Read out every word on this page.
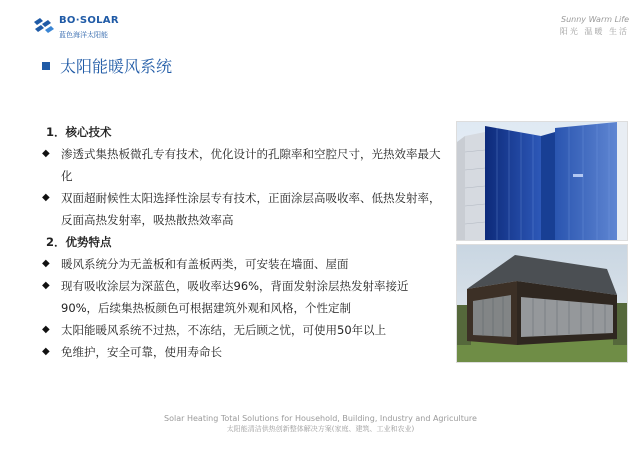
BO·SOLAR
蓝色海洋太阳能
Sunny Warm Life
阳光 温暖 生活
太阳能暖风系统
1．核心技术
◆ 渗透式集热板微孔专有技术，优化设计的孔隙率和空腔尺寸，光热效率最大化
◆ 双面超耐候性太阳选择性涂层专有技术，正面涂层高吸收率、低热发射率，反面高热发射率，吸热散热效率高
2．优势特点
◆ 暖风系统分为无盖板和有盖板两类，可安装在墙面、屋面
◆ 现有吸收涂层为深蓝色，吸收率达96%，背面发射涂层热发射率接近90%，后续集热板颜色可根据建筑外观和风格，个性定制
◆ 太阳能暖风系统不过热，不冻结，无后顾之忧，可使用50年以上
◆ 免维护，安全可靠，使用寿命长
Solar Heating Total Solutions for Household, Building, Industry and Agriculture
太阳能清洁供热创新整体解决方案(家庭、建筑、工业和农业)
